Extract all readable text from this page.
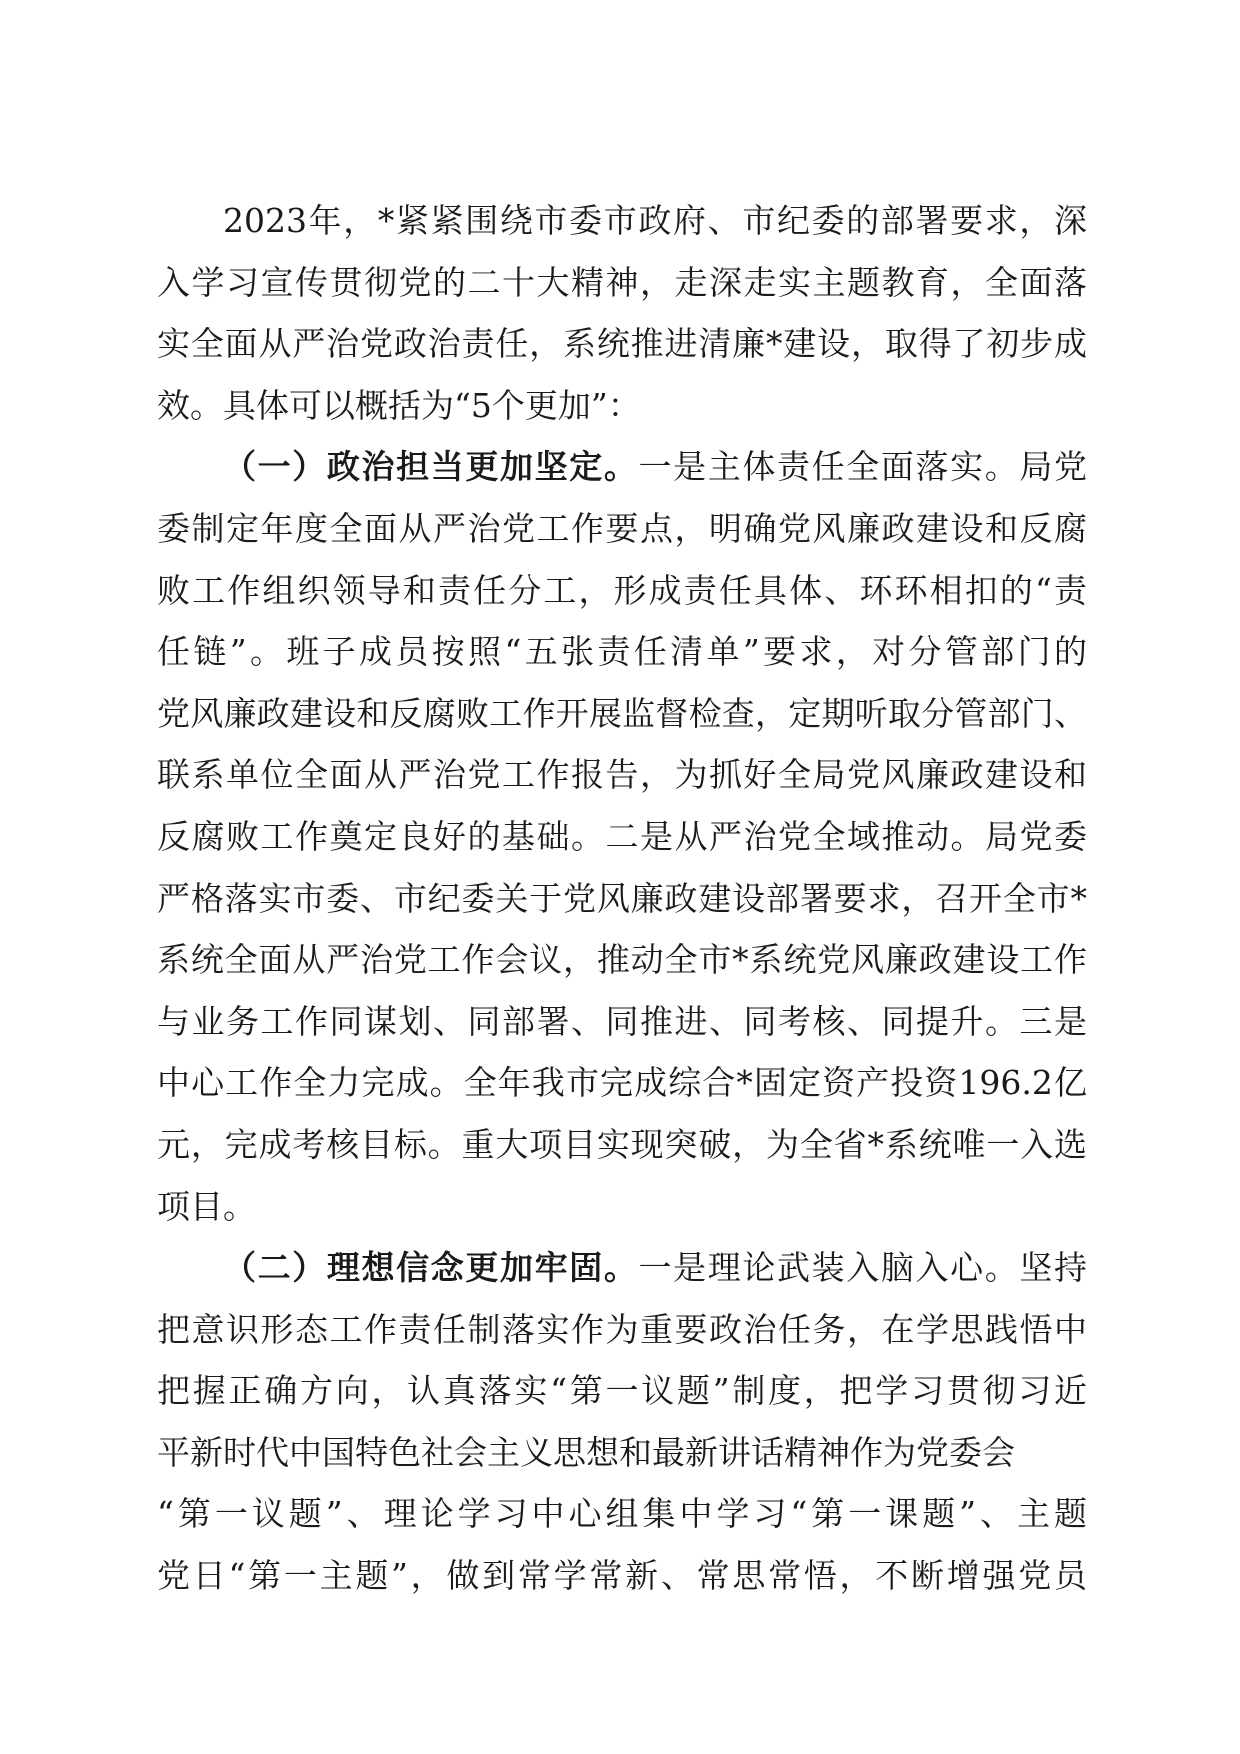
2023年，*紧紧围绕市委市政府、市纪委的部署要求，深
入学习宣传贯彻党的二十大精神，走深走实主题教育，全面落
实全面从严治党政治责任，系统推进清廉*建设，取得了初步成
效。具体可以概括为“5个更加”：
（一）政治担当更加坚定。一是主体责任全面落实。局党
委制定年度全面从严治党工作要点，明确党风廉政建设和反腐
败工作组织领导和责任分工，形成责任具体、环环相扣的“责
任链”。班子成员按照“五张责任清单”要求，对分管部门的
党风廉政建设和反腐败工作开展监督检查，定期听取分管部门、
联系单位全面从严治党工作报告，为抓好全局党风廉政建设和
反腐败工作奠定良好的基础。二是从严治党全域推动。局党委
严格落实市委、市纪委关于党风廉政建设部署要求，召开全市*
系统全面从严治党工作会议，推动全市*系统党风廉政建设工作
与业务工作同谋划、同部署、同推进、同考核、同提升。三是
中心工作全力完成。全年我市完成综合*固定资产投资196.2亿
元，完成考核目标。重大项目实现突破，为全省*系统唯一入选
项目。
（二）理想信念更加牢固。一是理论武装入脑入心。坚持
把意识形态工作责任制落实作为重要政治任务，在学思践悟中
把握正确方向，认真落实“第一议题”制度，把学习贯彻习近
平新时代中国特色社会主义思想和最新讲话精神作为党委会
“第一议题”、理论学习中心组集中学习“第一课题”、主题
党日“第一主题”，做到常学常新、常思常悟，不断增强党员
